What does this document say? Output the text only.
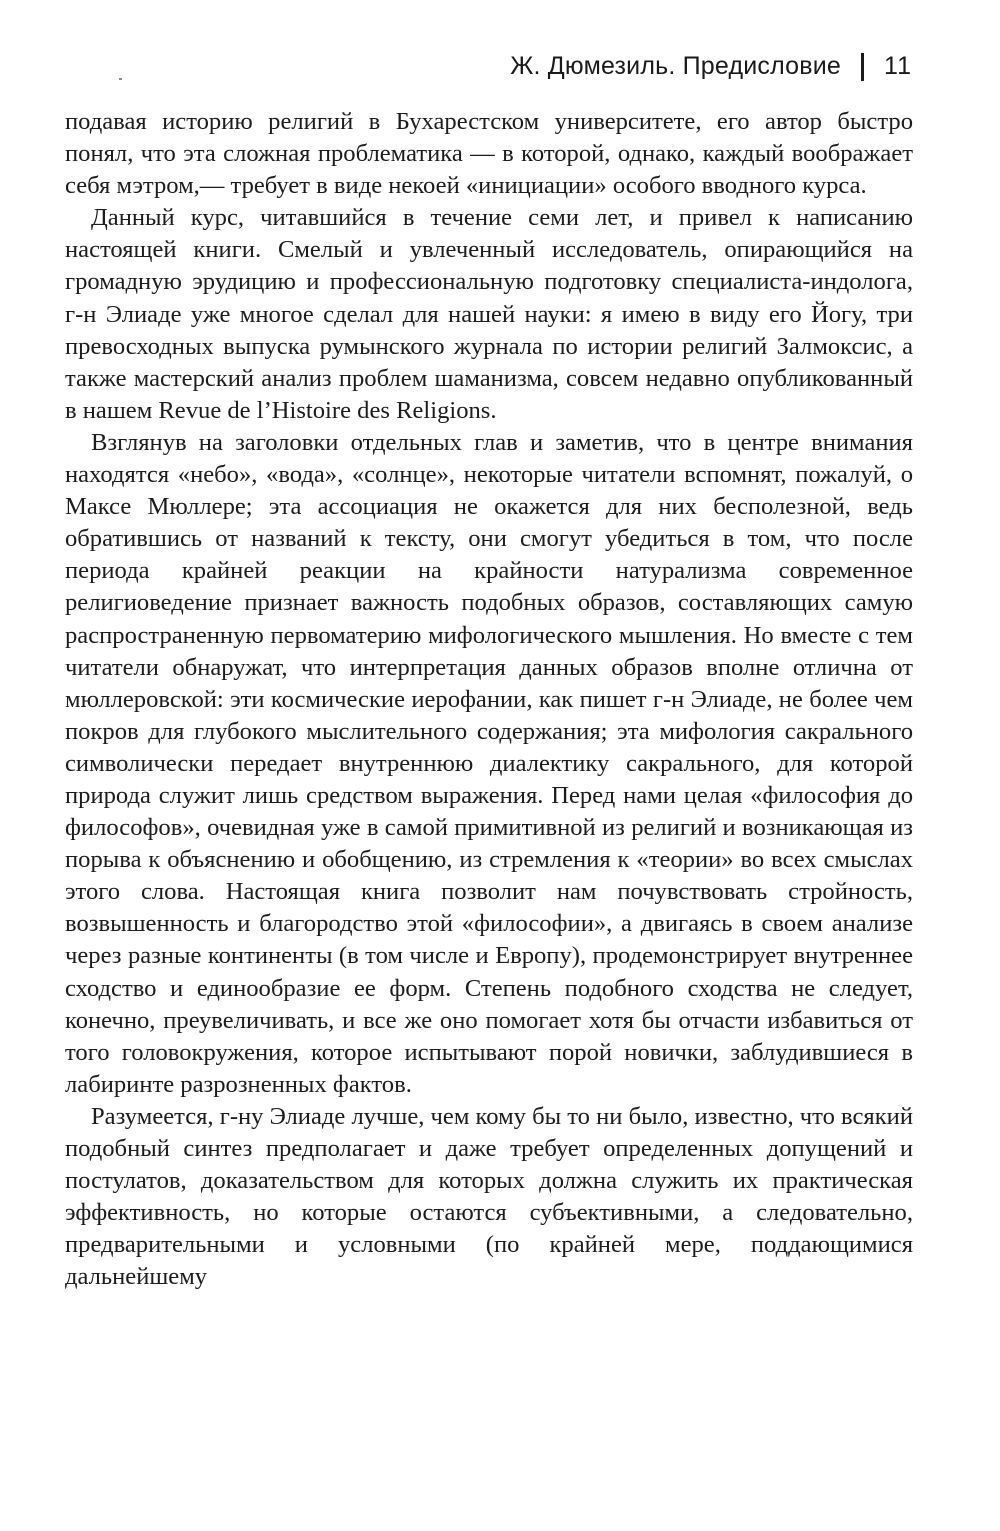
Ж. Дюмезиль. Предисловие 11

подавая историю религий в Бухарестском университете, его автор быстро понял, что эта сложная проблематика — в которой, однако, каждый воображает себя мэтром,— требует в виде некоей «инициации» особого вводного курса.

Данный курс, читавшийся в течение семи лет, и привел к написанию настоящей книги. Смелый и увлеченный исследователь, опирающийся на громадную эрудицию и профессиональную подготовку специалиста-индолога, г-н Элиаде уже многое сделал для нашей науки: я имею в виду его Йогу, три превосходных выпуска румынского журнала по истории религий Залмоксис, а также мастерский анализ проблем шаманизма, совсем недавно опубликованный в нашем Revue de l’Histoire des Religions.

Взглянув на заголовки отдельных глав и заметив, что в центре внимания находятся «небо», «вода», «солнце», некоторые читатели вспомнят, пожалуй, о Максе Мюллере; эта ассоциация не окажется для них бесполезной, ведь обратившись от названий к тексту, они смогут убедиться в том, что после периода крайней реакции на крайности натурализма современное религиоведение признает важность подобных образов, составляющих самую распространенную первоматерию мифологического мышления. Но вместе с тем читатели обнаружат, что интерпретация данных образов вполне отлична от мюллеровской: эти космические иерофании, как пишет г-н Элиаде, не более чем покров для глубокого мыслительного содержания; эта мифология сакрального символически передает внутреннюю диалектику сакрального, для которой природа служит лишь средством выражения. Перед нами целая «философия до философов», очевидная уже в самой примитивной из религий и возникающая из порыва к объяснению и обобщению, из стремления к «теории» во всех смыслах этого слова. Настоящая книга позволит нам почувствовать стройность, возвышенность и благородство этой «философии», а двигаясь в своем анализе через разные континенты (в том числе и Европу), продемонстрирует внутреннее сходство и единообразие ее форм. Степень подобного сходства не следует, конечно, преувеличивать, и все же оно помогает хотя бы отчасти избавиться от того головокружения, которое испытывают порой новички, заблудившиеся в лабиринте разрозненных фактов.

Разумеется, г-ну Элиаде лучше, чем кому бы то ни было, известно, что всякий подобный синтез предполагает и даже требует определенных допущений и постулатов, доказательством для которых должна служить их практическая эффективность, но которые остаются субъективными, а следовательно, предварительными и условными (по крайней мере, поддающимися дальнейшему
